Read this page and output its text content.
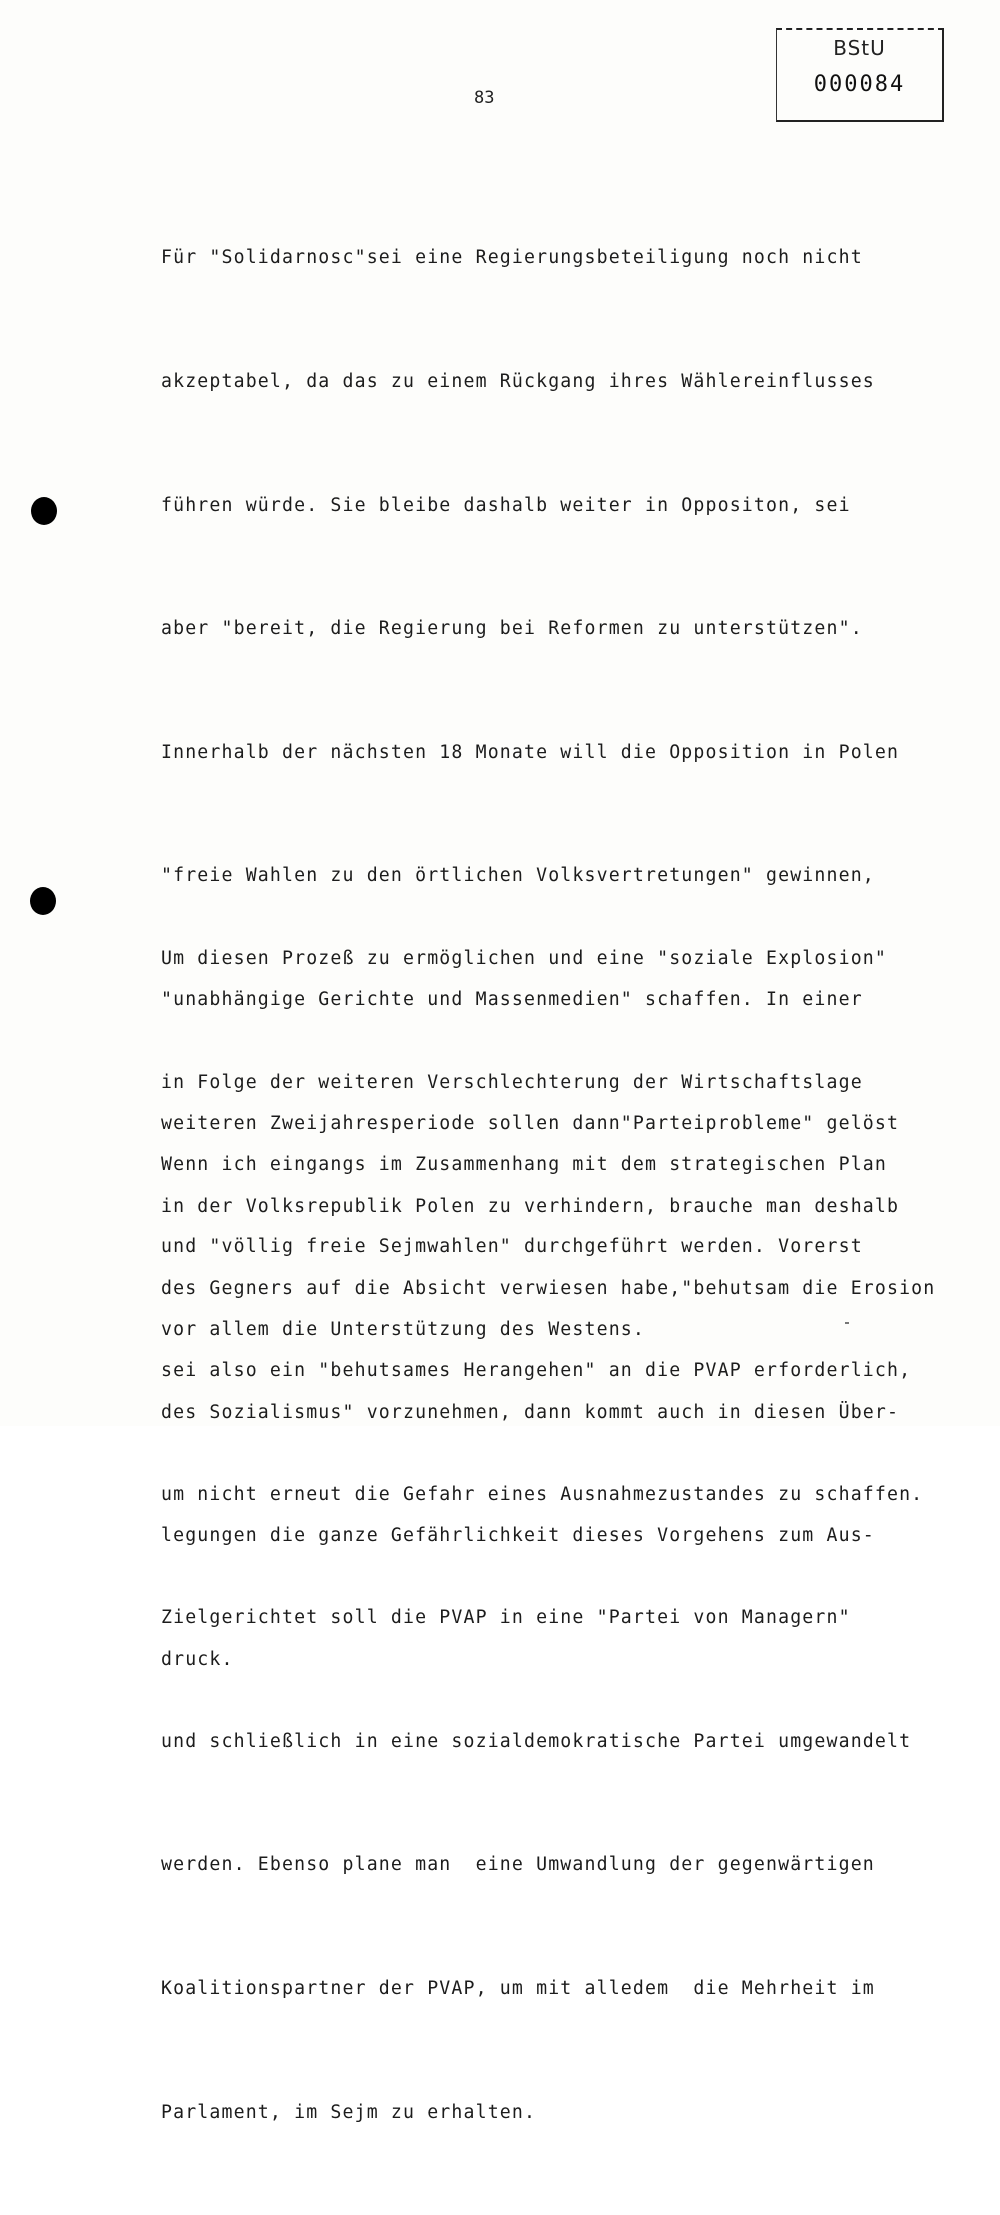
BStU
000084
83

Für "Solidarnosc"sei eine Regierungsbeteiligung noch nicht

akzeptabel, da das zu einem Rückgang ihres Wählereinflusses

führen würde. Sie bleibe dashalb weiter in Oppositon, sei

aber "bereit, die Regierung bei Reformen zu unterstützen".

Innerhalb der nächsten 18 Monate will die Opposition in Polen

"freie Wahlen zu den örtlichen Volksvertretungen" gewinnen,

"unabhängige Gerichte und Massenmedien" schaffen. In einer

weiteren Zweijahresperiode sollen dann"Parteiprobleme" gelöst

und "völlig freie Sejmwahlen" durchgeführt werden. Vorerst

sei also ein "behutsames Herangehen" an die PVAP erforderlich,

um nicht erneut die Gefahr eines Ausnahmezustandes zu schaffen.

Zielgerichtet soll die PVAP in eine "Partei von Managern"

und schließlich in eine sozialdemokratische Partei umgewandelt

werden. Ebenso plane man  eine Umwandlung der gegenwärtigen

Koalitionspartner der PVAP, um mit alledem  die Mehrheit im

Parlament, im Sejm zu erhalten.

Um diesen Prozeß zu ermöglichen und eine "soziale Explosion"

in Folge der weiteren Verschlechterung der Wirtschaftslage

in der Volksrepublik Polen zu verhindern, brauche man deshalb

vor allem die Unterstützung des Westens.

Wenn ich eingangs im Zusammenhang mit dem strategischen Plan

des Gegners auf die Absicht verwiesen habe,"behutsam die Erosion

des Sozialismus" vorzunehmen, dann kommt auch in diesen Über-

legungen die ganze Gefährlichkeit dieses Vorgehens zum Aus-

druck.
